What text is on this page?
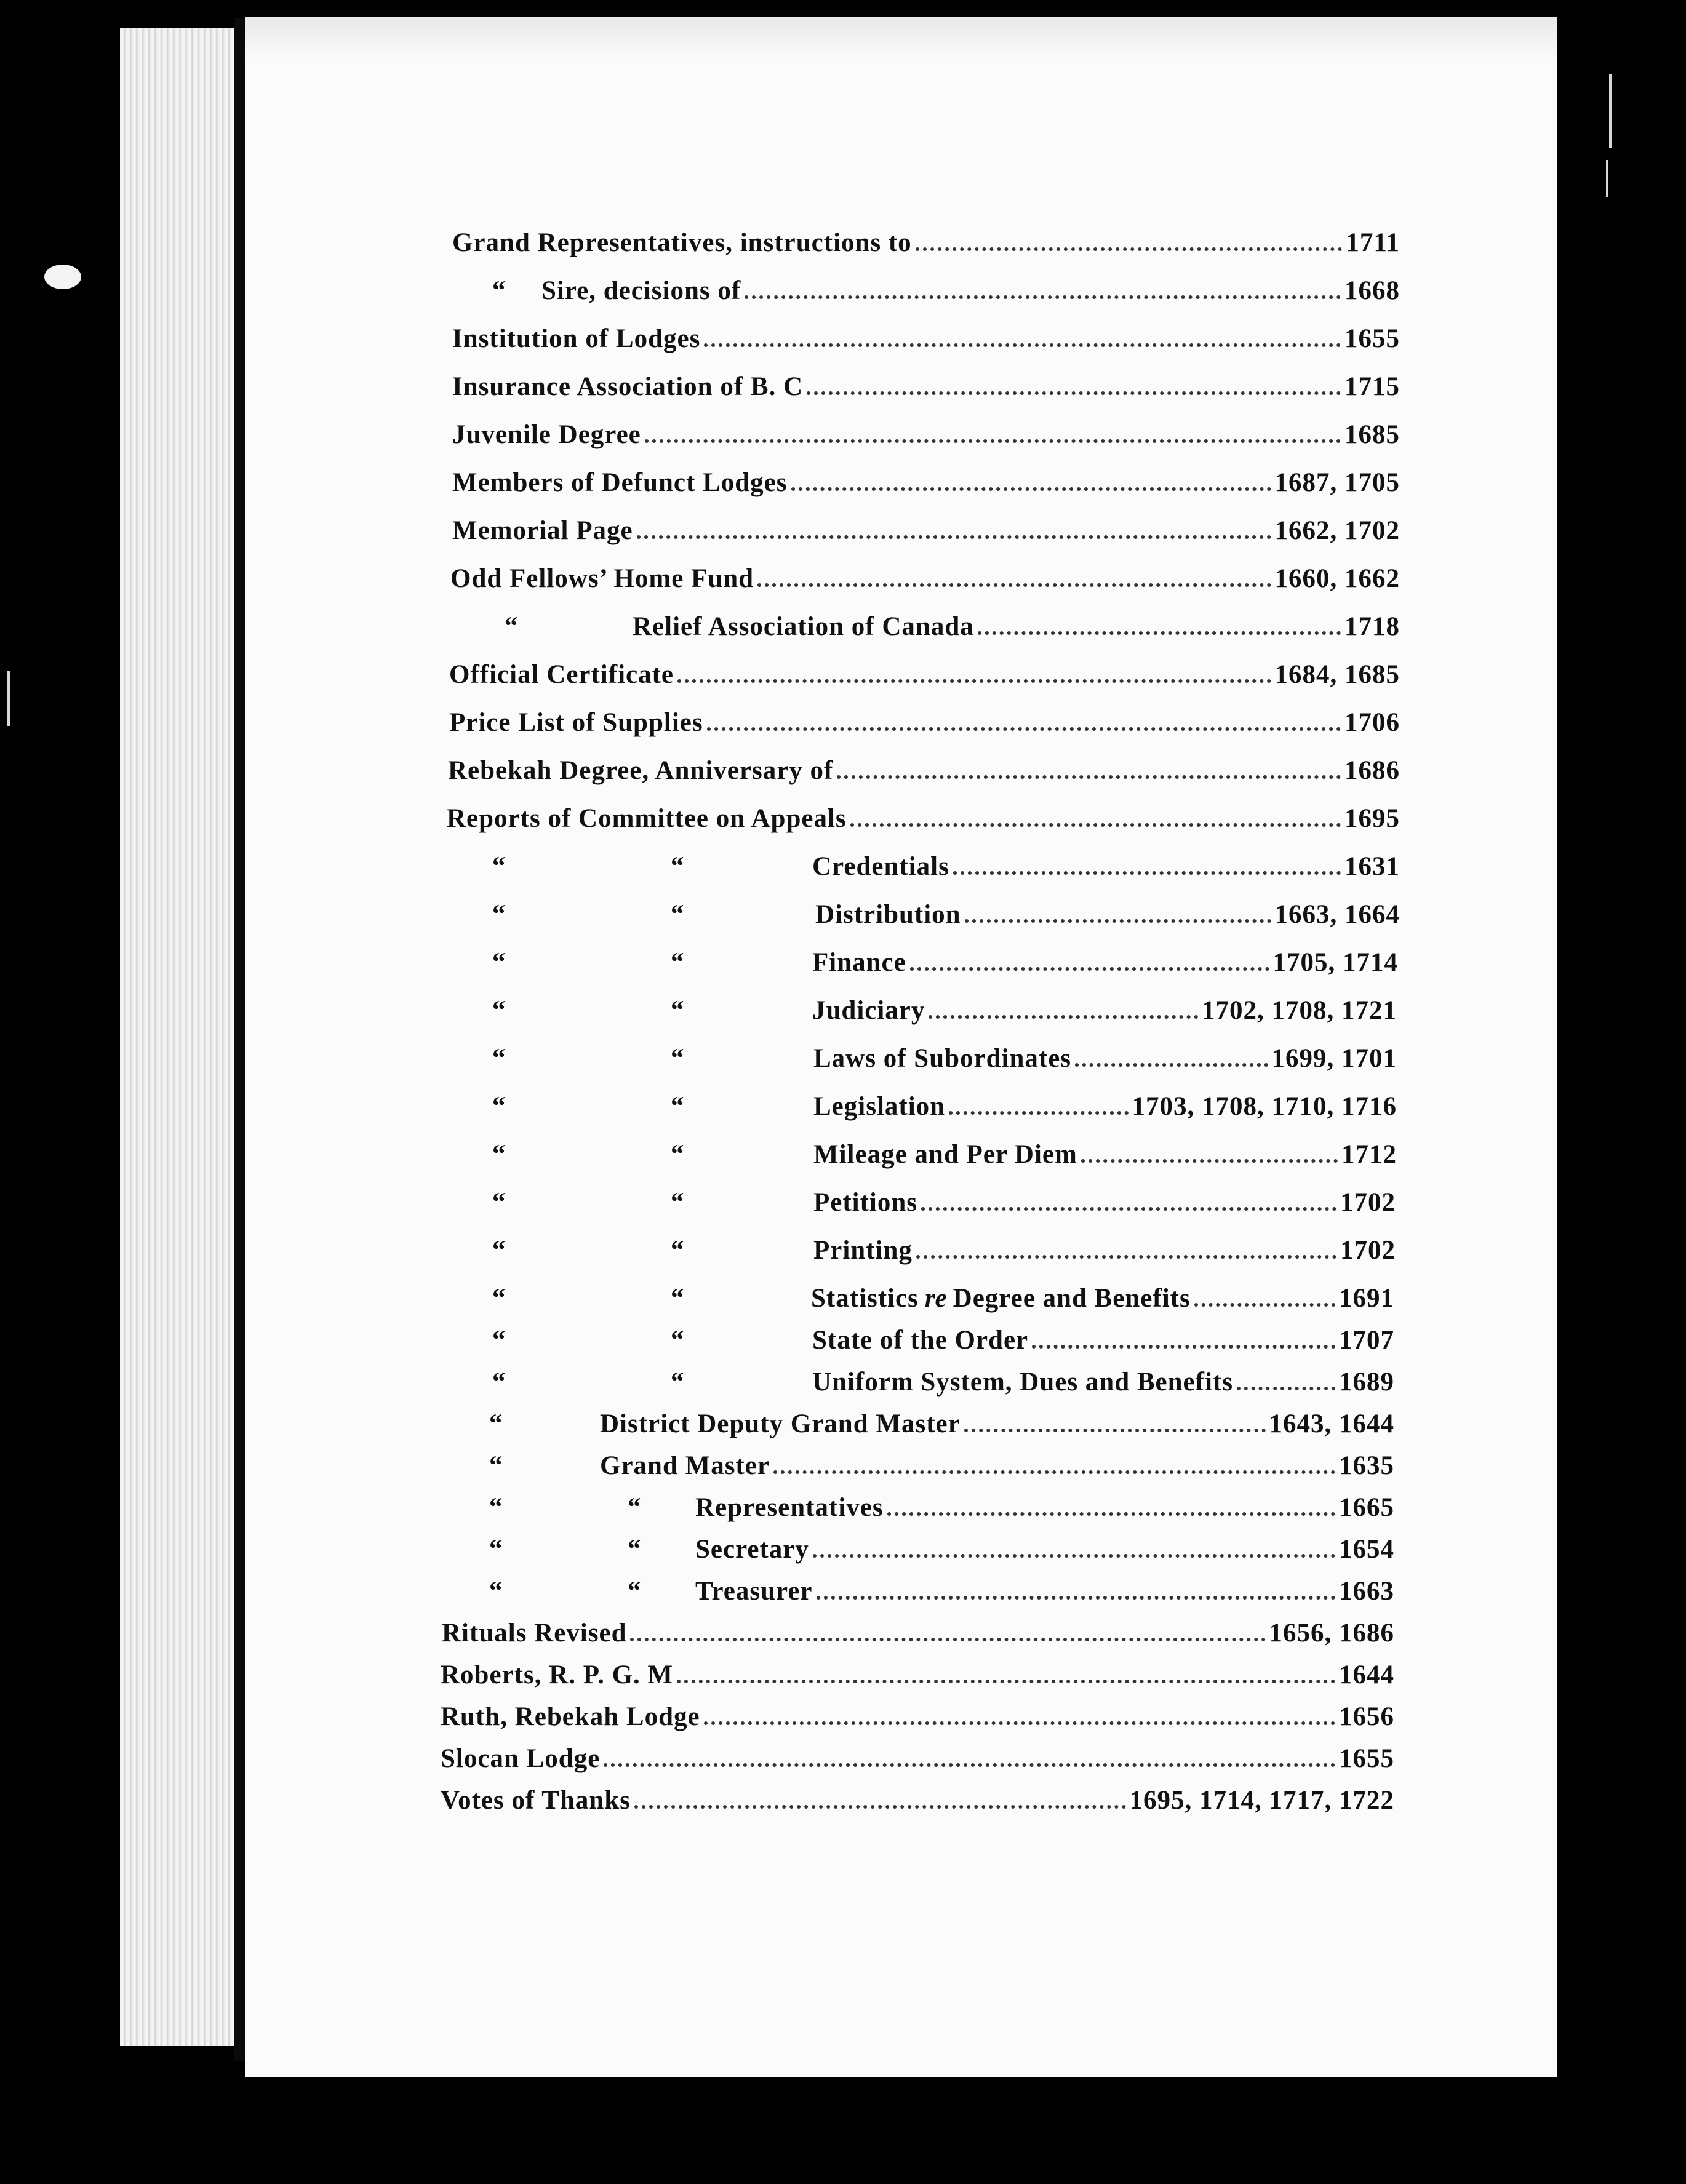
Grand Representatives, instructions to	1711
“	Sire, decisions of	1668
Institution of Lodges	1655
Insurance Association of B. C	1715
Juvenile Degree	1685
Members of Defunct Lodges	1687, 1705
Memorial Page	1662, 1702
Odd Fellows’ Home Fund	1660, 1662
“	Relief Association of Canada	1718
Official Certificate	1684, 1685
Price List of Supplies	1706
Rebekah Degree, Anniversary of	1686
Reports of Committee on Appeals	1695
“	“	Credentials	1631
“	“	Distribution	1663, 1664
“	“	Finance	1705, 1714
“	“	Judiciary	1702, 1708, 1721
“	“	Laws of Subordinates	1699, 1701
“	“	Legislation	1703, 1708, 1710, 1716
“	“	Mileage and Per Diem	1712
“	“	Petitions	1702
“	“	Printing	1702
“	“	Statistics re Degree and Benefits	1691
“	“	State of the Order	1707
“	“	Uniform System, Dues and Benefits	1689
“	District Deputy Grand Master	1643, 1644
“	Grand Master	1635
“	“	Representatives	1665
“	“	Secretary	1654
“	“	Treasurer	1663
Rituals Revised	1656, 1686
Roberts, R. P. G. M	1644
Ruth, Rebekah Lodge	1656
Slocan Lodge	1655
Votes of Thanks	1695, 1714, 1717, 1722
